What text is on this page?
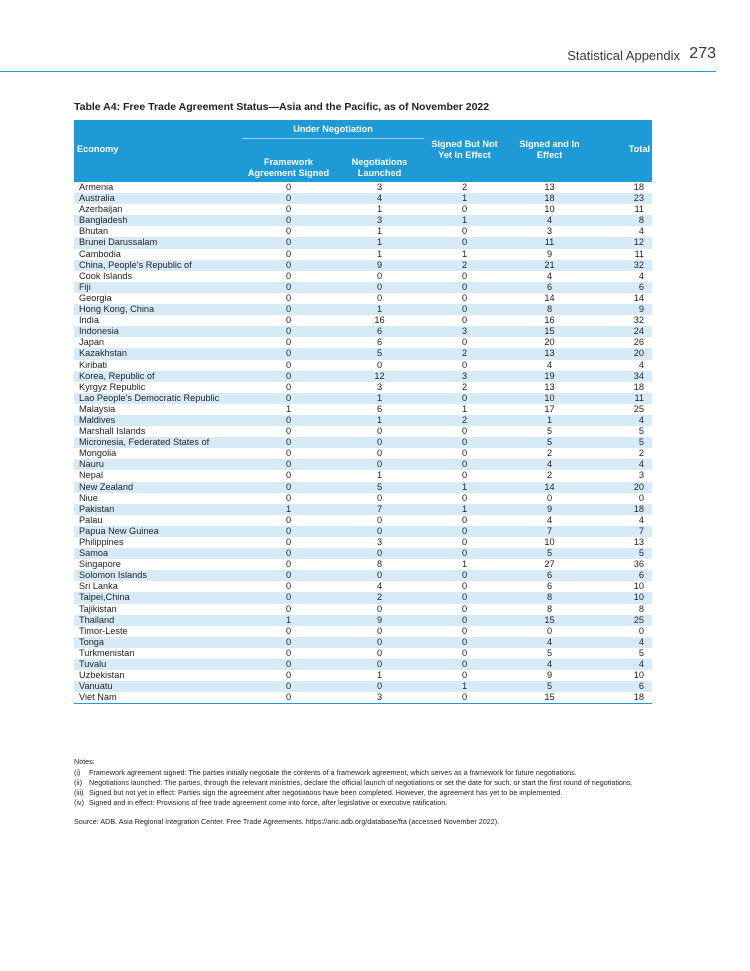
Statistical Appendix 273
Table A4: Free Trade Agreement Status—Asia and the Pacific, as of November 2022
Economy	Under Negotiation		Signed But Not Yet In Effect	Signed and In Effect	Total
	Framework Agreement Signed	Negotiations Launched			
Armenia	0	3	2	13	18
Australia	0	4	1	18	23
Azerbaijan	0	1	0	10	11
Bangladesh	0	3	1	4	8
Bhutan	0	1	0	3	4
Brunei Darussalam	0	1	0	11	12
Cambodia	0	1	1	9	11
China, People’s Republic of	0	9	2	21	32
Cook Islands	0	0	0	4	4
Fiji	0	0	0	6	6
Georgia	0	0	0	14	14
Hong Kong, China	0	1	0	8	9
India	0	16	0	16	32
Indonesia	0	6	3	15	24
Japan	0	6	0	20	26
Kazakhstan	0	5	2	13	20
Kiribati	0	0	0	4	4
Korea, Republic of	0	12	3	19	34
Kyrgyz Republic	0	3	2	13	18
Lao People’s Democratic Republic	0	1	0	10	11
Malaysia	1	6	1	17	25
Maldives	0	1	2	1	4
Marshall Islands	0	0	0	5	5
Micronesia, Federated States of	0	0	0	5	5
Mongolia	0	0	0	2	2
Nauru	0	0	0	4	4
Nepal	0	1	0	2	3
New Zealand	0	5	1	14	20
Niue	0	0	0	0	0
Pakistan	1	7	1	9	18
Palau	0	0	0	4	4
Papua New Guinea	0	0	0	7	7
Philippines	0	3	0	10	13
Samoa	0	0	0	5	5
Singapore	0	8	1	27	36
Solomon Islands	0	0	0	6	6
Sri Lanka	0	4	0	6	10
Taipei,China	0	2	0	8	10
Tajikistan	0	0	0	8	8
Thailand	1	9	0	15	25
Timor-Leste	0	0	0	0	0
Tonga	0	0	0	4	4
Turkmenistan	0	0	0	5	5
Tuvalu	0	0	0	4	4
Uzbekistan	0	1	0	9	10
Vanuatu	0	0	1	5	6
Viet Nam	0	3	0	15	18
Notes:
(i) Framework agreement signed: The parties initially negotiate the contents of a framework agreement, which serves as a framework for future negotiations.
(ii) Negotiations launched: The parties, through the relevant ministries, declare the official launch of negotiations or set the date for such, or start the first round of negotiations.
(iii) Signed but not yet in effect: Parties sign the agreement after negotiations have been completed. However, the agreement has yet to be implemented.
(iv) Signed and in effect: Provisions of free trade agreement come into force, after legislative or executive ratification.
Source: ADB. Asia Regional Integration Center. Free Trade Agreements. https://aric.adb.org/database/fta (accessed November 2022).
